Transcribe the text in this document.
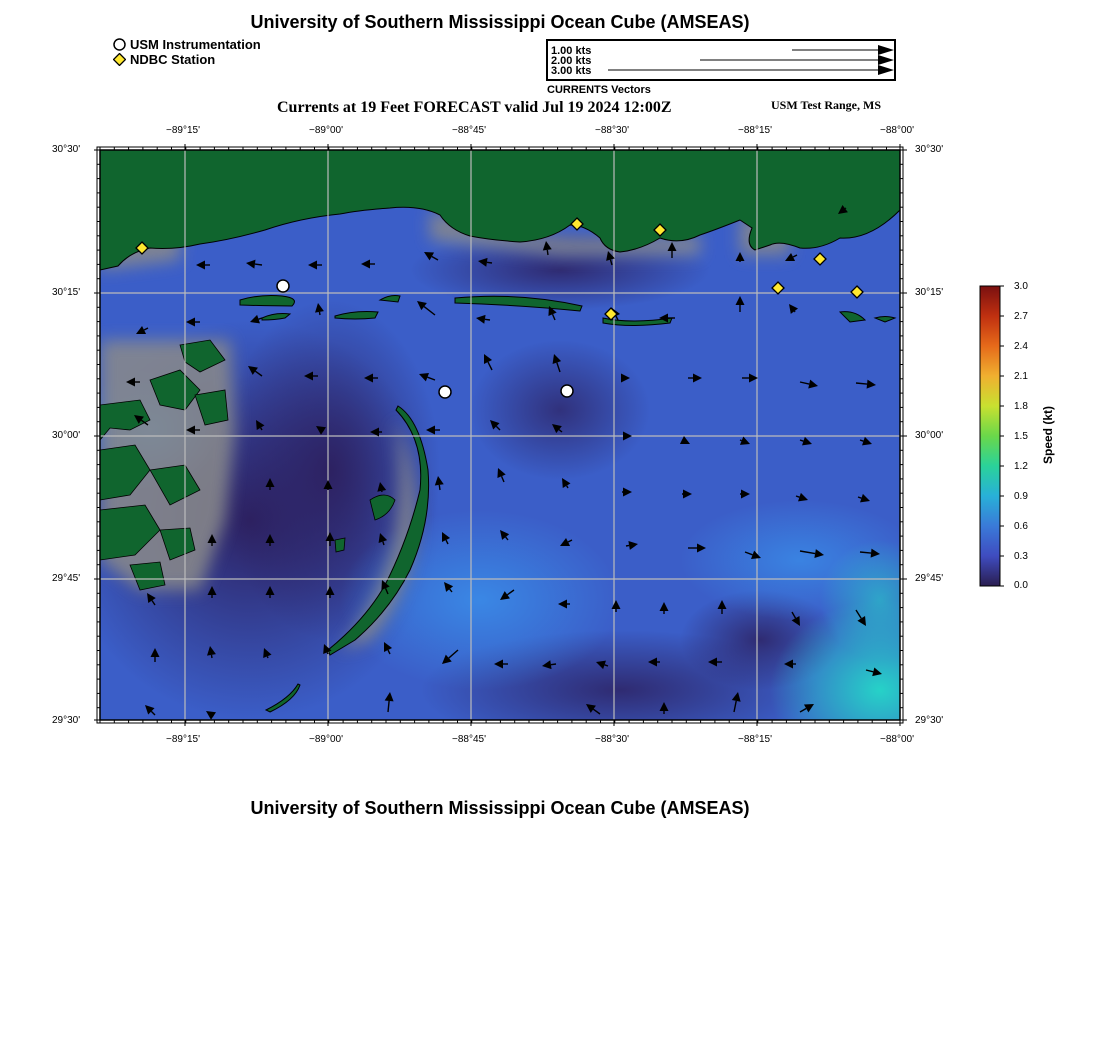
University of Southern Mississippi Ocean Cube (AMSEAS)
USM Instrumentation
NDBC Station
1.00 kts
2.00 kts
3.00 kts
CURRENTS Vectors
Currents at 19 Feet FORECAST valid Jul 19 2024 12:00Z	USM Test Range, MS
−89°15'	−89°00'	−88°45'	−88°30'	−88°15'	−88°00'
−89°15'	−89°00'	−88°45'	−88°30'	−88°15'	−88°00'
30°30'
30°15'
30°00'
29°45'
29°30'
30°30'
30°15'
30°00'
29°45'
29°30'
3.0
2.7
2.4
2.1
1.8
1.5
1.2
0.9
0.6
0.3
0.0
Speed (kt)
University of Southern Mississippi Ocean Cube (AMSEAS)
